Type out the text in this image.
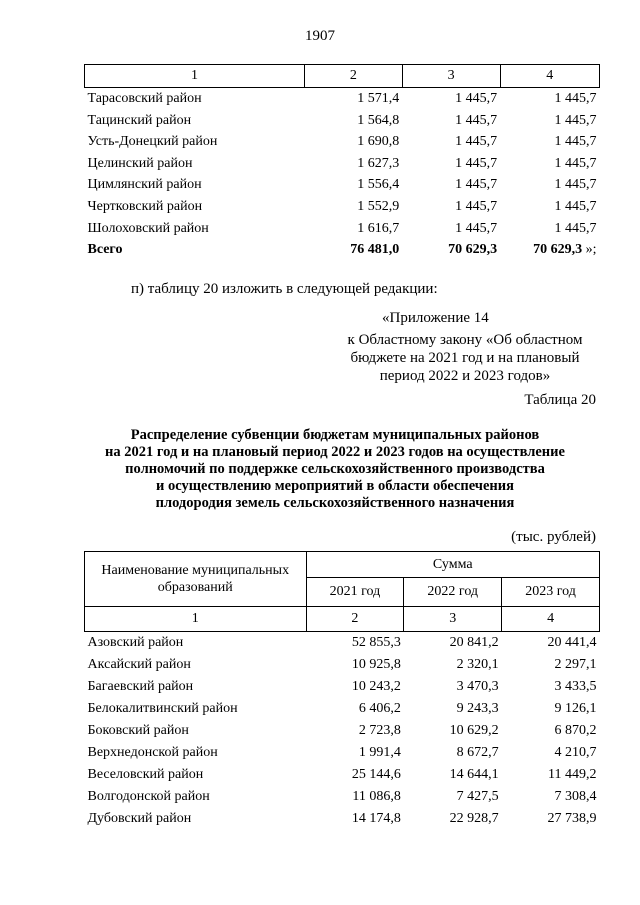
1907
1	2	3	4
Тарасовский район	1 571,4	1 445,7	1 445,7
Тацинский район	1 564,8	1 445,7	1 445,7
Усть-Донецкий район	1 690,8	1 445,7	1 445,7
Целинский район	1 627,3	1 445,7	1 445,7
Цимлянский район	1 556,4	1 445,7	1 445,7
Чертковский район	1 552,9	1 445,7	1 445,7
Шолоховский район	1 616,7	1 445,7	1 445,7
Всего	76 481,0	70 629,3	70 629,3 »;
п) таблицу 20 изложить в следующей редакции:
«Приложение 14
к Областному закону «Об областном
бюджете на 2021 год и на плановый
период 2022 и 2023 годов»
Таблица 20
Распределение субвенции бюджетам муниципальных районов
на 2021 год и на плановый период 2022 и 2023 годов на осуществление
полномочий по поддержке сельскохозяйственного производства
и осуществлению мероприятий в области обеспечения
плодородия земель сельскохозяйственного назначения
(тыс. рублей)
Наименование муниципальных образований	Сумма		
	2021 год	2022 год	2023 год
1	2	3	4
Азовский район	52 855,3	20 841,2	20 441,4
Аксайский район	10 925,8	2 320,1	2 297,1
Багаевский район	10 243,2	3 470,3	3 433,5
Белокалитвинский район	6 406,2	9 243,3	9 126,1
Боковский район	2 723,8	10 629,2	6 870,2
Верхнедонской район	1 991,4	8 672,7	4 210,7
Веселовский район	25 144,6	14 644,1	11 449,2
Волгодонской район	11 086,8	7 427,5	7 308,4
Дубовский район	14 174,8	22 928,7	27 738,9
